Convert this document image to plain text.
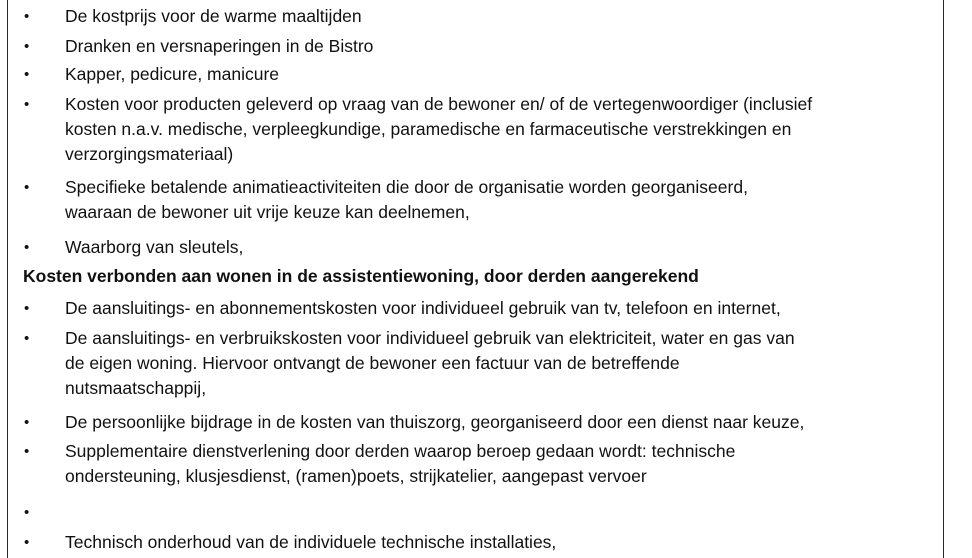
• De kostprijs voor de warme maaltijden
• Dranken en versnaperingen in de Bistro
• Kapper, pedicure, manicure
• Kosten voor producten geleverd op vraag van de bewoner en/ of de vertegenwoordiger (inclusief
kosten n.a.v. medische, verpleegkundige, paramedische en farmaceutische verstrekkingen en
verzorgingsmateriaal)
• Specifieke betalende animatieactiviteiten die door de organisatie worden georganiseerd,
waaraan de bewoner uit vrije keuze kan deelnemen,
• Waarborg van sleutels,
Kosten verbonden aan wonen in de assistentiewoning, door derden aangerekend
• De aansluitings- en abonnementskosten voor individueel gebruik van tv, telefoon en internet,
• De aansluitings- en verbruikskosten voor individueel gebruik van elektriciteit, water en gas van
de eigen woning. Hiervoor ontvangt de bewoner een factuur van de betreffende
nutsmaatschappij,
• De persoonlijke bijdrage in de kosten van thuiszorg, georganiseerd door een dienst naar keuze,
• Supplementaire dienstverlening door derden waarop beroep gedaan wordt: technische
ondersteuning, klusjesdienst, (ramen)poets, strijkatelier, aangepast vervoer
•
• Technisch onderhoud van de individuele technische installaties,
